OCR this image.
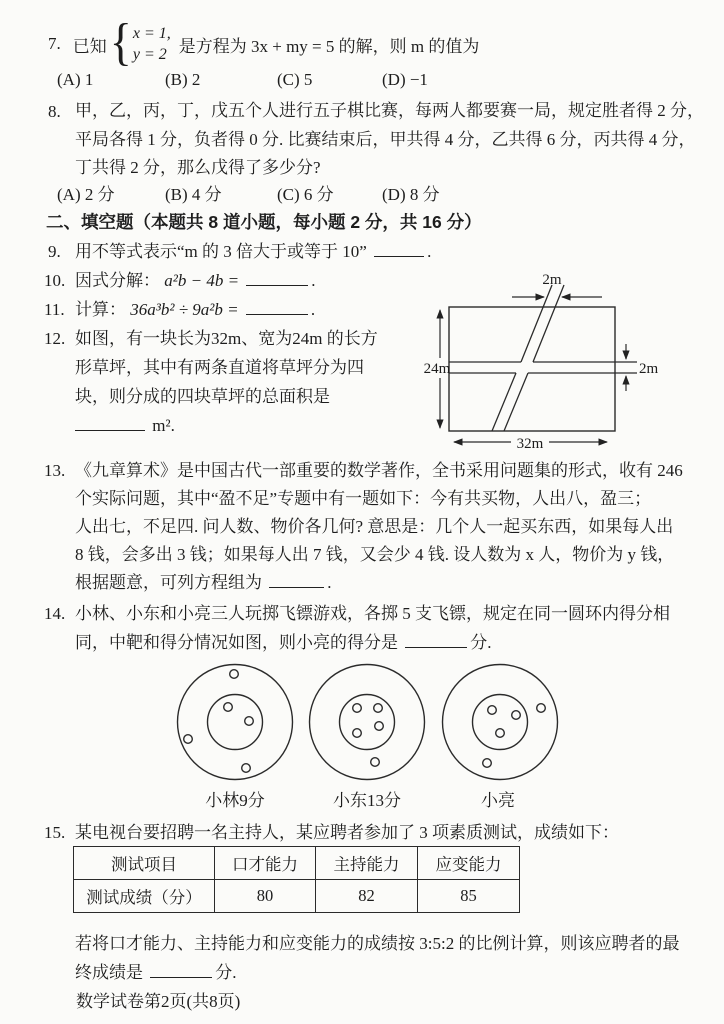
7. 已知 { x = 1,
y = 2 是方程为 3x + my = 5 的解，则 m 的值为
(A) 1	(B) 2	(C) 5	(D) −1
8. 甲，乙，丙，丁，戊五个人进行五子棋比赛，每两人都要赛一局，规定胜者得 2 分，
平局各得 1 分，负者得 0 分. 比赛结束后，甲共得 4 分，乙共得 6 分，丙共得 4 分，
丁共得 2 分，那么戊得了多少分?
(A) 2 分	(B) 4 分	(C) 6 分	(D) 8 分
二、填空题（本题共 8 道小题，每小题 2 分，共 16 分）
9. 用不等式表示“m 的 3 倍大于或等于 10”	.
10. 因式分解： a²b − 4b =	.
11. 计算： 36a³b² ÷ 9a²b =	.
12. 如图，有一块长为32m、宽为24m 的长方
形草坪，其中有两条直道将草坪分为四
块，则分成的四块草坪的总面积是
m².
2m
24m
32m
2m
13. 《九章算术》是中国古代一部重要的数学著作，全书采用问题集的形式，收有 246
个实际问题，其中“盈不足”专题中有一题如下：今有共买物，人出八，盈三；
人出七，不足四. 问人数、物价各几何? 意思是：几个人一起买东西，如果每人出
8 钱，会多出 3 钱；如果每人出 7 钱，又会少 4 钱. 设人数为 x 人，物价为 y 钱，
根据题意，可列方程组为	.
14. 小林、小东和小亮三人玩掷飞镖游戏，各掷 5 支飞镖，规定在同一圆环内得分相
同，中靶和得分情况如图，则小亮的得分是	分.
小林9分	小东13分	小亮
15. 某电视台要招聘一名主持人，某应聘者参加了 3 项素质测试，成绩如下：
测试项目	口才能力	主持能力	应变能力
测试成绩（分）	80	82	85
若将口才能力、主持能力和应变能力的成绩按 3:5:2 的比例计算，则该应聘者的最
终成绩是	分.
数学试卷第2页(共8页)
